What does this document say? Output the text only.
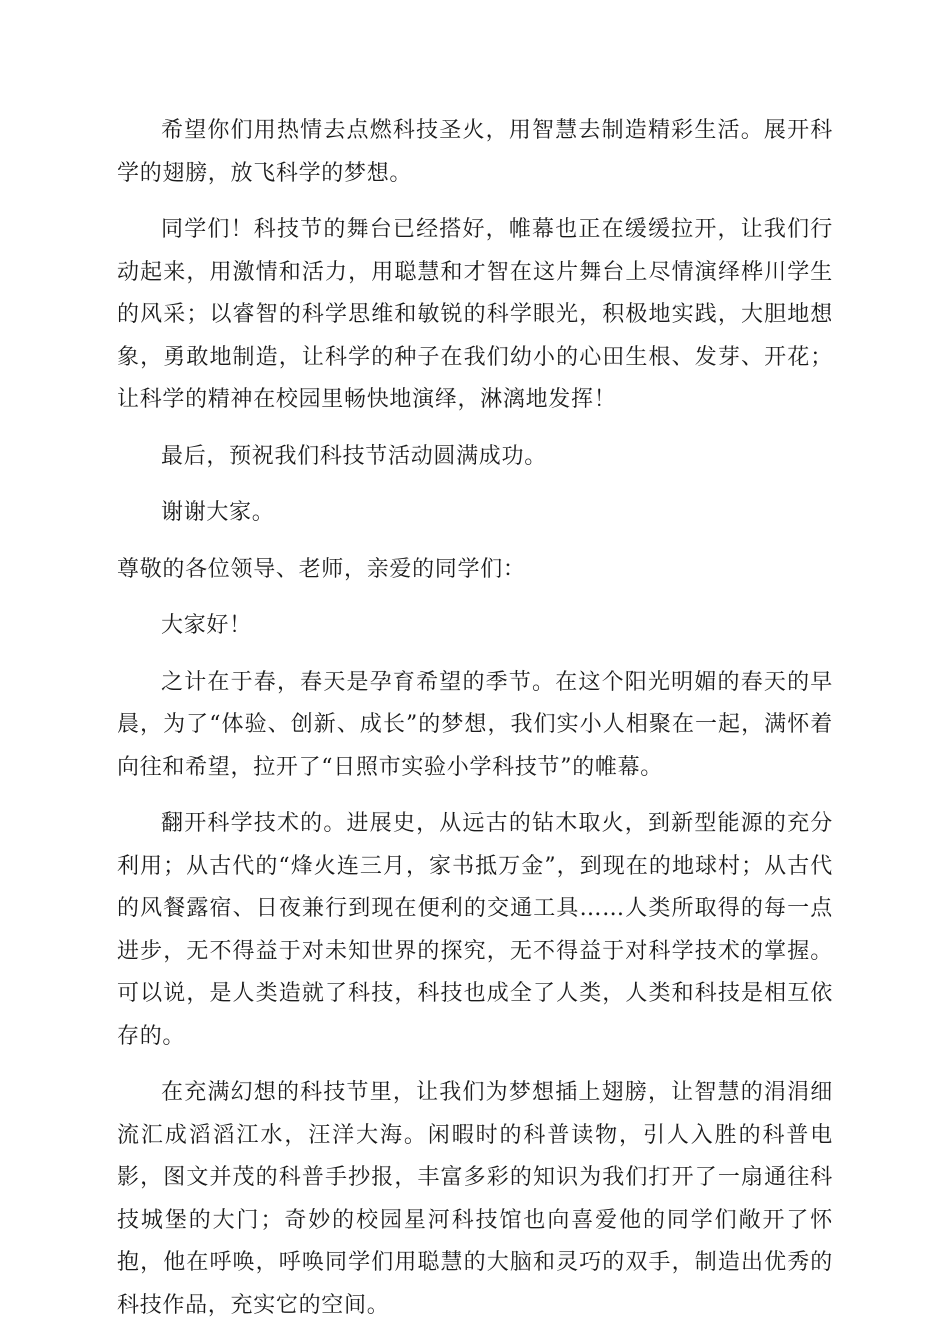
希望你们用热情去点燃科技圣火，用智慧去制造精彩生活。展开科学的翅膀，放飞科学的梦想。

同学们！科技节的舞台已经搭好，帷幕也正在缓缓拉开，让我们行动起来，用激情和活力，用聪慧和才智在这片舞台上尽情演绎桦川学生的风采；以睿智的科学思维和敏锐的科学眼光，积极地实践，大胆地想象，勇敢地制造，让科学的种子在我们幼小的心田生根、发芽、开花；让科学的精神在校园里畅快地演绎，淋漓地发挥！

最后，预祝我们科技节活动圆满成功。

谢谢大家。

尊敬的各位领导、老师，亲爱的同学们：

大家好！

之计在于春，春天是孕育希望的季节。在这个阳光明媚的春天的早晨，为了“体验、创新、成长”的梦想，我们实小人相聚在一起，满怀着向往和希望，拉开了“日照市实验小学科技节”的帷幕。

翻开科学技术的。进展史，从远古的钻木取火，到新型能源的充分利用；从古代的“烽火连三月，家书抵万金”，到现在的地球村；从古代的风餐露宿、日夜兼行到现在便利的交通工具……人类所取得的每一点进步，无不得益于对未知世界的探究，无不得益于对科学技术的掌握。可以说，是人类造就了科技，科技也成全了人类，人类和科技是相互依存的。

在充满幻想的科技节里，让我们为梦想插上翅膀，让智慧的涓涓细流汇成滔滔江水，汪洋大海。闲暇时的科普读物，引人入胜的科普电影，图文并茂的科普手抄报，丰富多彩的知识为我们打开了一扇通往科技城堡的大门；奇妙的校园星河科技馆也向喜爱他的同学们敞开了怀抱，他在呼唤，呼唤同学们用聪慧的大脑和灵巧的双手，制造出优秀的科技作品，充实它的空间。
